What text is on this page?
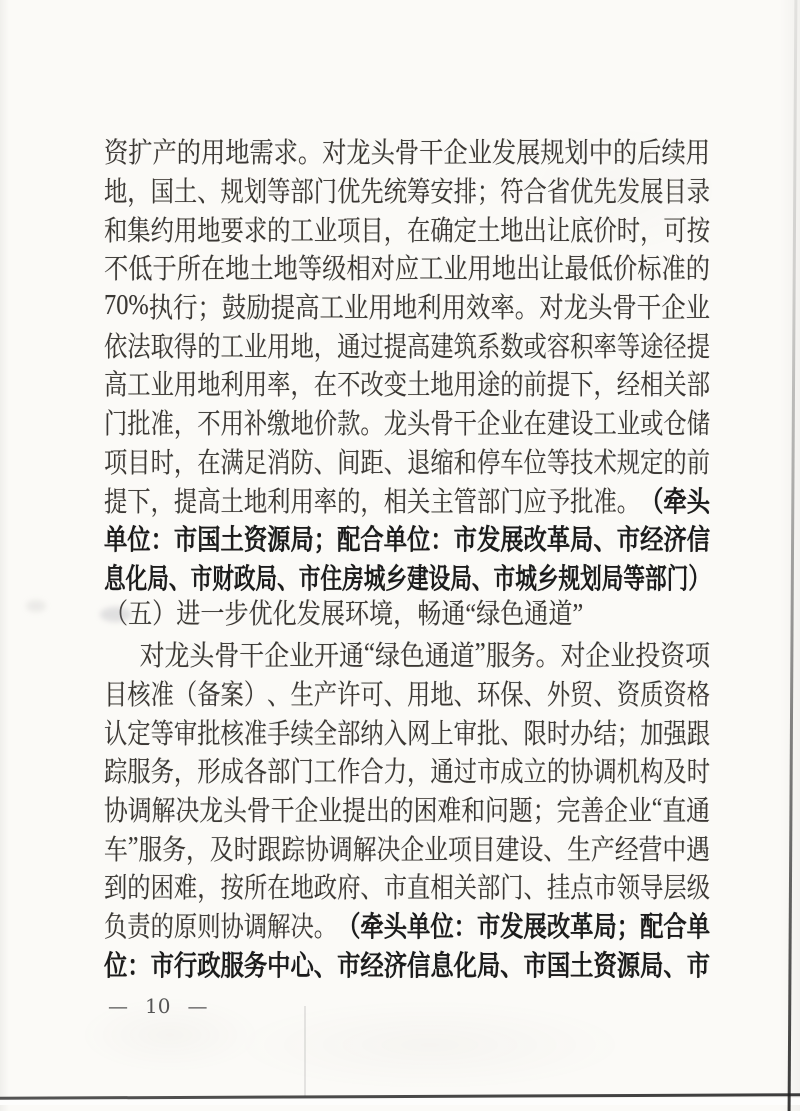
资 扩 产 的 用 地 需 求 。 对 龙 头 骨 干 企 业 发 展 规 划 中 的 后 续 用
地 ， 国 土 、 规 划 等 部 门 优 先 统 筹 安 排 ； 符 合 省 优 先 发 展 目 录
和 集 约 用 地 要 求 的 工 业 项 目 ， 在 确 定 土 地 出 让 底 价 时 ， 可 按
不 低 于 所 在 地 土 地 等 级 相 对 应 工 业 用 地 出 让 最 低 价 标 准 的
70% 执 行 ； 鼓 励 提 高 工 业 用 地 利 用 效 率 。 对 龙 头 骨 干 企 业
依 法 取 得 的 工 业 用 地 ， 通 过 提 高 建 筑 系 数 或 容 积 率 等 途 径 提
高 工 业 用 地 利 用 率 ， 在 不 改 变 土 地 用 途 的 前 提 下 ， 经 相 关 部
门 批 准 ， 不 用 补 缴 地 价 款 。 龙 头 骨 干 企 业 在 建 设 工 业 或 仓 储
项 目 时 ， 在 满 足 消 防 、 间 距 、 退 缩 和 停 车 位 等 技 术 规 定 的 前
提 下 ， 提 高 土 地 利 用 率 的 ， 相 关 主 管 部 门 应 予 批 准 。 （ 牵 头
单 位 ： 市 国 土 资 源 局 ； 配 合 单 位 ： 市 发 展 改 革 局 、 市 经 济 信
息 化 局 、 市 财 政 局 、 市 住 房 城 乡 建 设 局 、 市 城 乡 规 划 局 等 部 门 ）
（五）进一步优化发展环境，畅通“绿色通道”
对 龙 头 骨 干 企 业 开 通 “ 绿 色 通 道 ” 服 务 。 对 企 业 投 资 项
目 核 准 （ 备 案 ） 、 生 产 许 可 、 用 地 、 环 保 、 外 贸 、 资 质 资 格
认 定 等 审 批 核 准 手 续 全 部 纳 入 网 上 审 批 、 限 时 办 结 ； 加 强 跟
踪 服 务 ， 形 成 各 部 门 工 作 合 力 ， 通 过 市 成 立 的 协 调 机 构 及 时
协 调 解 决 龙 头 骨 干 企 业 提 出 的 困 难 和 问 题 ； 完 善 企 业 “ 直 通
车 ” 服 务 ， 及 时 跟 踪 协 调 解 决 企 业 项 目 建 设 、 生 产 经 营 中 遇
到 的 困 难 ， 按 所 在 地 政 府 、 市 直 相 关 部 门 、 挂 点 市 领 导 层 级
负 责 的 原 则 协 调 解 决 。 （ 牵 头 单 位 ： 市 发 展 改 革 局 ； 配 合 单
位 ： 市 行 政 服 务 中 心 、 市 经 济 信 息 化 局 、 市 国 土 资 源 局 、 市
— 10 —
